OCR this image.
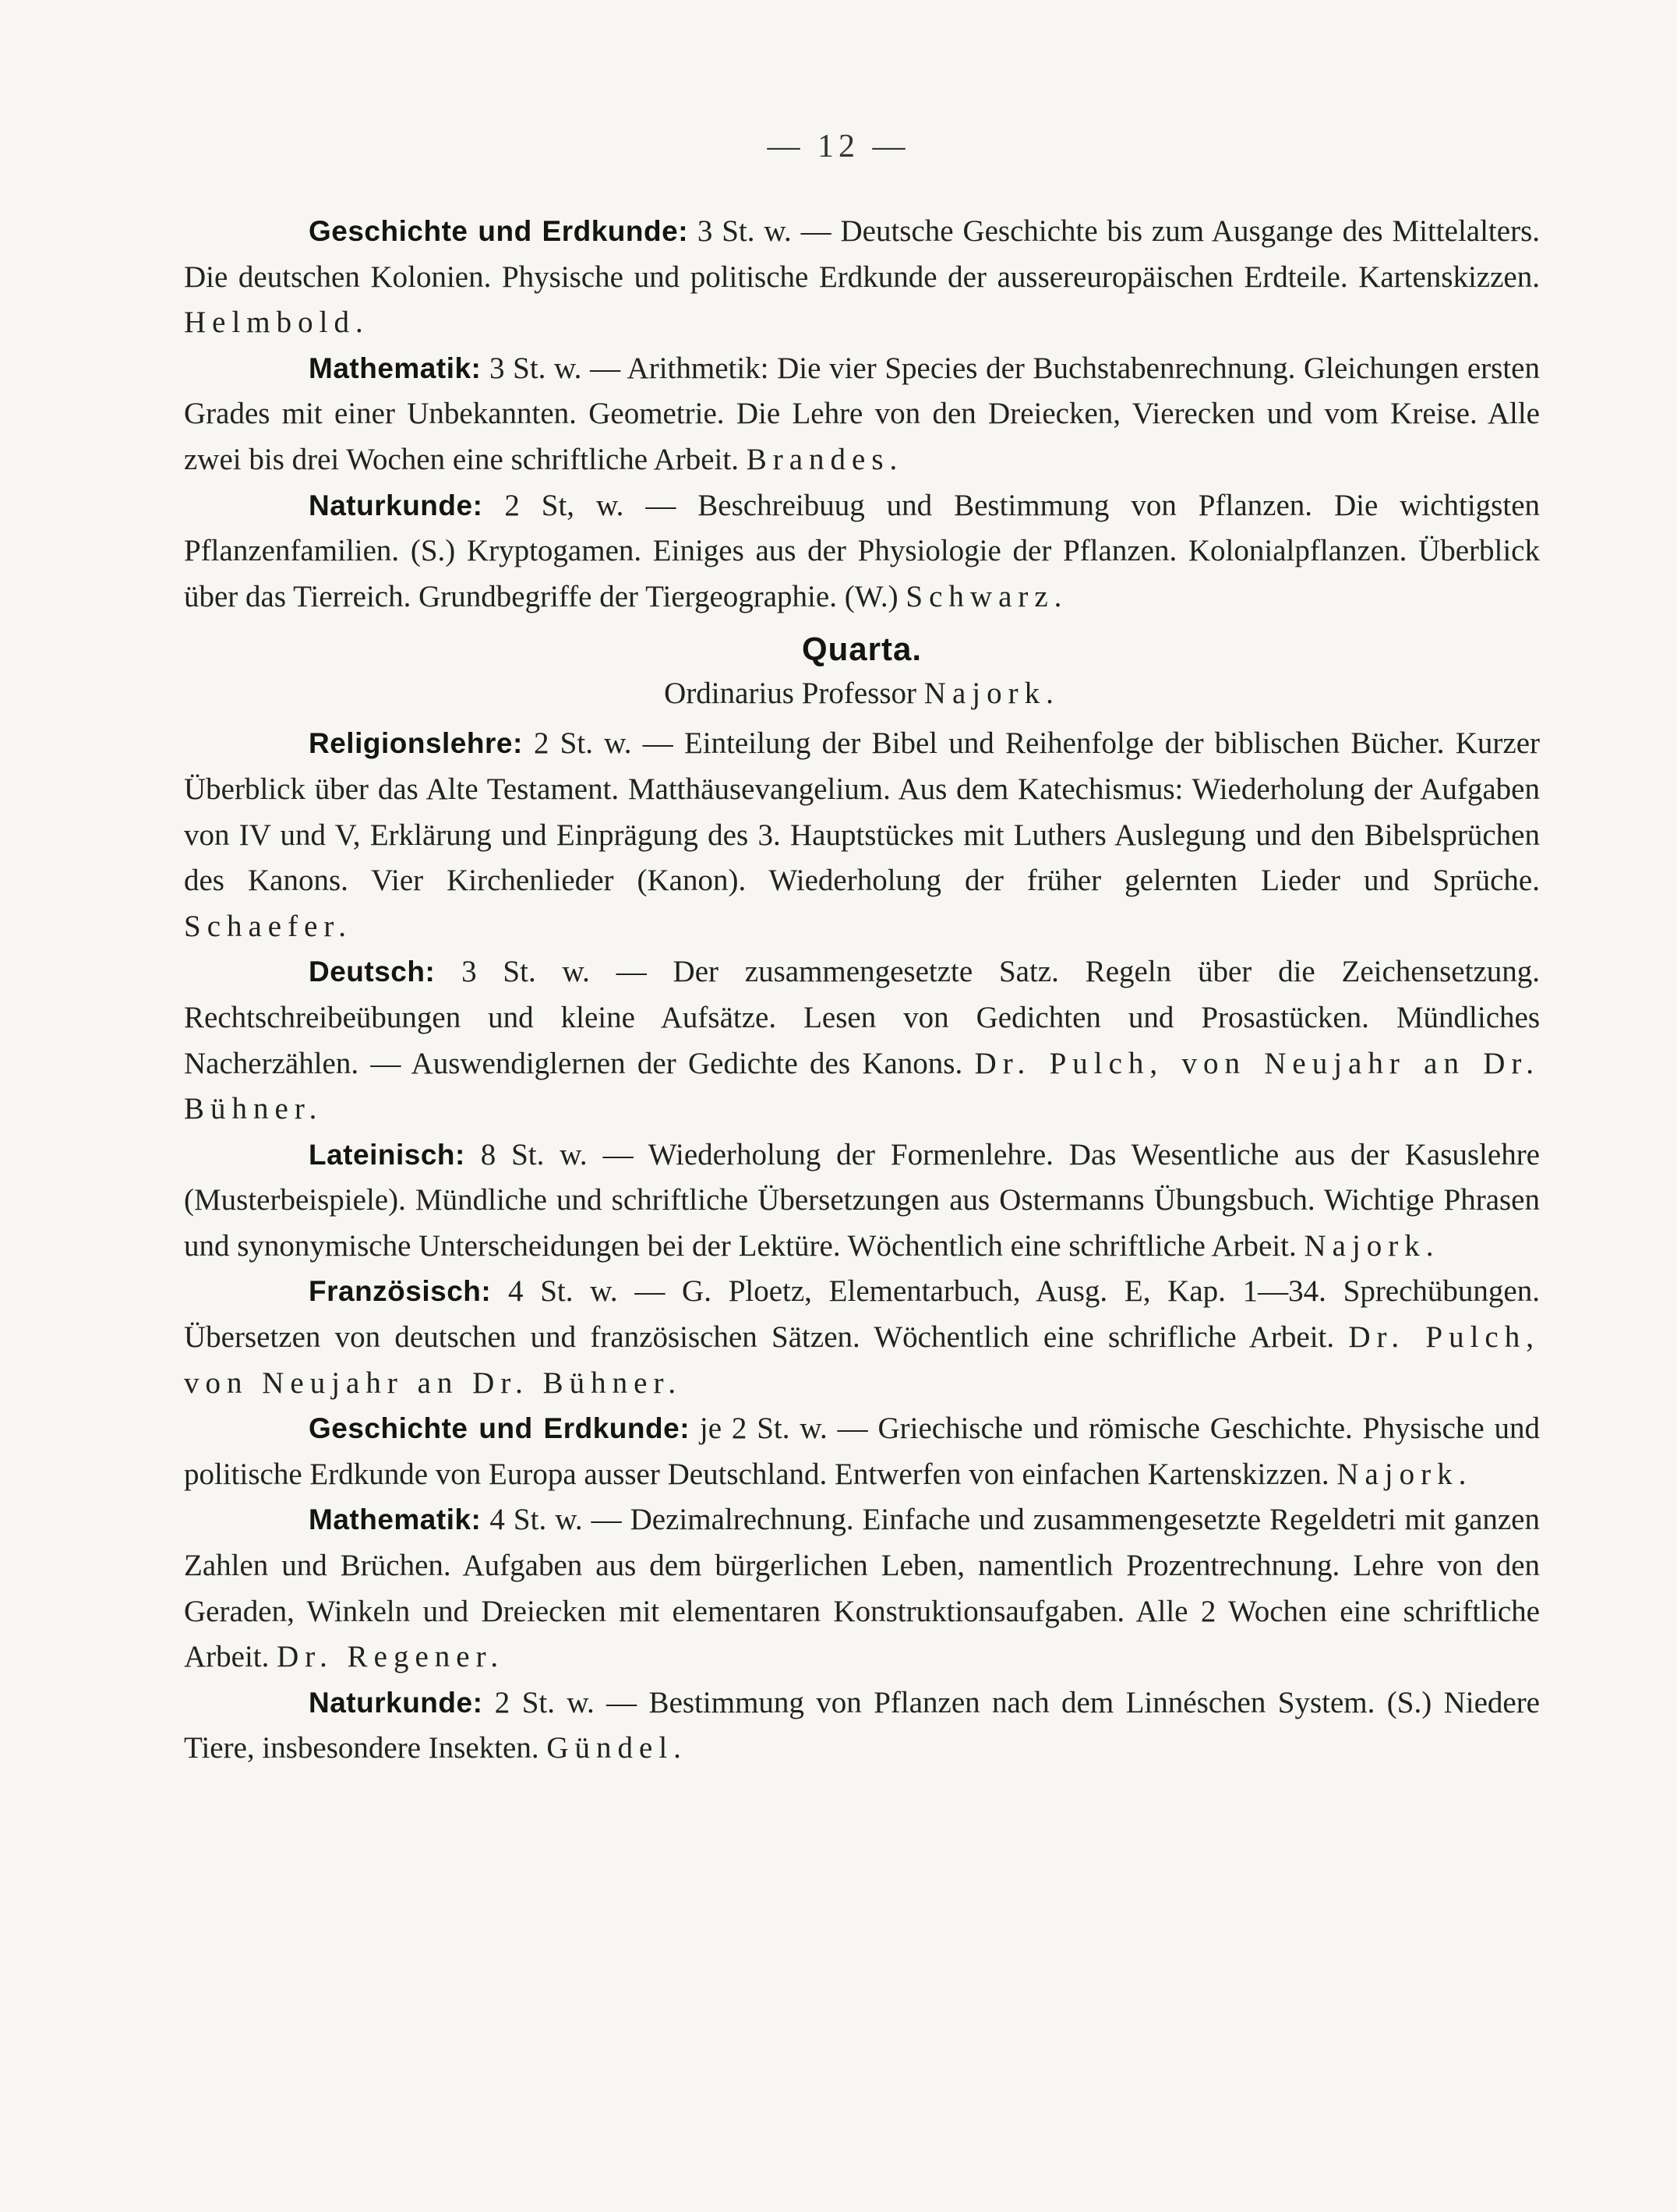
— 12 —

Geschichte und Erdkunde: 3 St. w. — Deutsche Geschichte bis zum Ausgange des Mittelalters. Die deutschen Kolonien. Physische und politische Erdkunde der aussereuropäischen Erdteile. Kartenskizzen. Helmbold.

Mathematik: 3 St. w. — Arithmetik: Die vier Species der Buchstabenrechnung. Gleichungen ersten Grades mit einer Unbekannten. Geometrie. Die Lehre von den Dreiecken, Vierecken und vom Kreise. Alle zwei bis drei Wochen eine schriftliche Arbeit. Brandes.

Naturkunde: 2 St, w. — Beschreibuug und Bestimmung von Pflanzen. Die wichtigsten Pflanzenfamilien. (S.) Kryptogamen. Einiges aus der Physiologie der Pflanzen. Kolonialpflanzen. Überblick über das Tierreich. Grundbegriffe der Tiergeographie. (W.) Schwarz.

Quarta.
Ordinarius Professor Najork.

Religionslehre: 2 St. w. — Einteilung der Bibel und Reihenfolge der biblischen Bücher. Kurzer Überblick über das Alte Testament. Matthäusevangelium. Aus dem Katechismus: Wiederholung der Aufgaben von IV und V, Erklärung und Einprägung des 3. Hauptstückes mit Luthers Auslegung und den Bibelsprüchen des Kanons. Vier Kirchenlieder (Kanon). Wiederholung der früher gelernten Lieder und Sprüche. Schaefer.

Deutsch: 3 St. w. — Der zusammengesetzte Satz. Regeln über die Zeichensetzung. Rechtschreibeübungen und kleine Aufsätze. Lesen von Gedichten und Prosastücken. Mündliches Nacherzählen. — Auswendiglernen der Gedichte des Kanons. Dr. Pulch, von Neujahr an Dr. Bühner.

Lateinisch: 8 St. w. — Wiederholung der Formenlehre. Das Wesentliche aus der Kasuslehre (Musterbeispiele). Mündliche und schriftliche Übersetzungen aus Ostermanns Übungsbuch. Wichtige Phrasen und synonymische Unterscheidungen bei der Lektüre. Wöchentlich eine schriftliche Arbeit. Najork.

Französisch: 4 St. w. — G. Ploetz, Elementarbuch, Ausg. E, Kap. 1—34. Sprechübungen. Übersetzen von deutschen und französischen Sätzen. Wöchentlich eine schrifliche Arbeit. Dr. Pulch, von Neujahr an Dr. Bühner.

Geschichte und Erdkunde: je 2 St. w. — Griechische und römische Geschichte. Physische und politische Erdkunde von Europa ausser Deutschland. Entwerfen von einfachen Kartenskizzen. Najork.

Mathematik: 4 St. w. — Dezimalrechnung. Einfache und zusammengesetzte Regeldetri mit ganzen Zahlen und Brüchen. Aufgaben aus dem bürgerlichen Leben, namentlich Prozentrechnung. Lehre von den Geraden, Winkeln und Dreiecken mit elementaren Konstruktionsaufgaben. Alle 2 Wochen eine schriftliche Arbeit. Dr. Regener.

Naturkunde: 2 St. w. — Bestimmung von Pflanzen nach dem Linnéschen System. (S.) Niedere Tiere, insbesondere Insekten. Gündel.
